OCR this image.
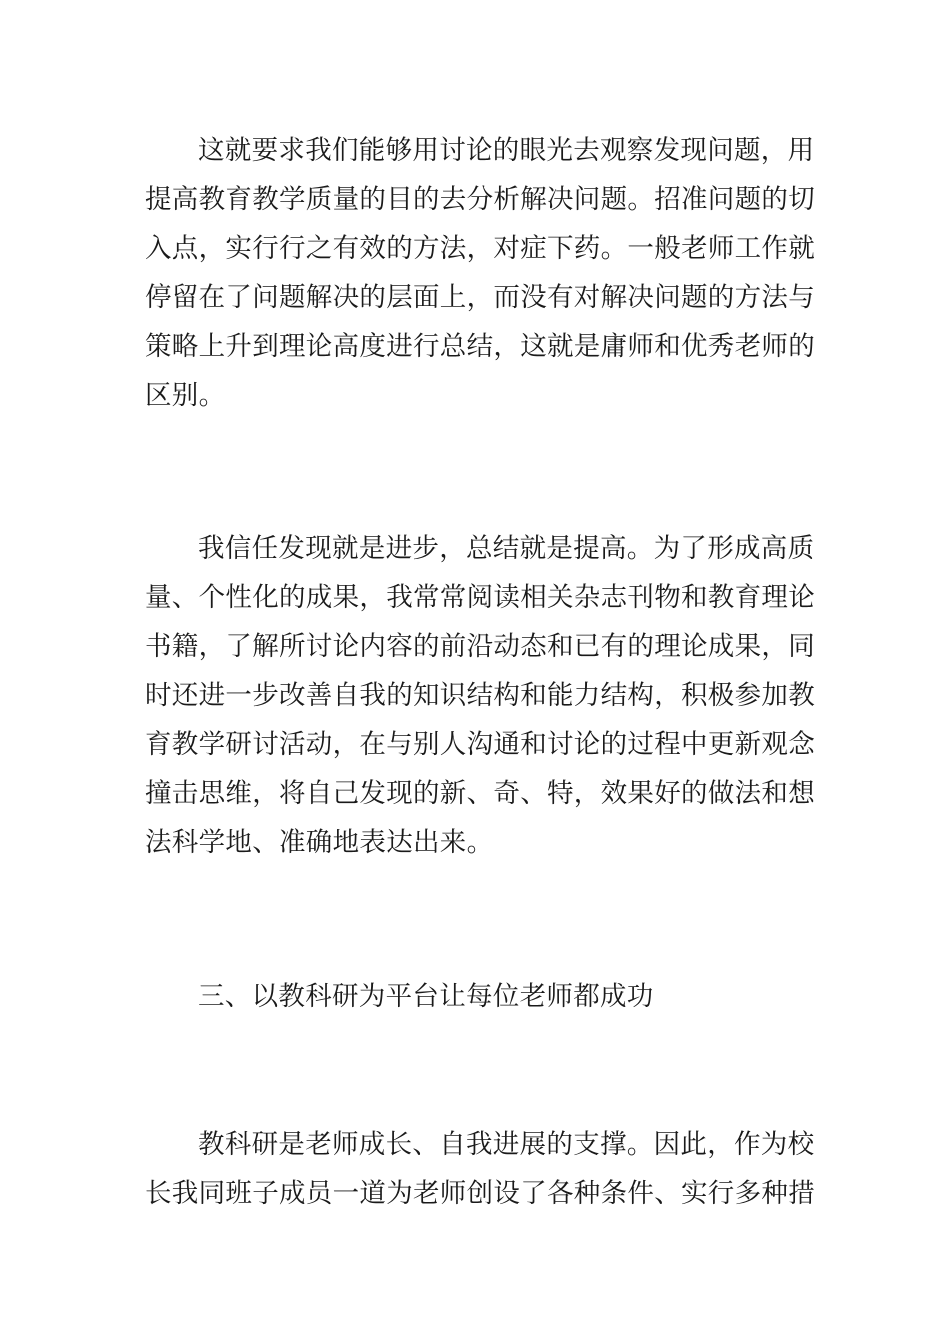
这就要求我们能够用讨论的眼光去观察发现问题，用
提高教育教学质量的目的去分析解决问题。招准问题的切
入点，实行行之有效的方法，对症下药。一般老师工作就
停留在了问题解决的层面上，而没有对解决问题的方法与
策略上升到理论高度进行总结，这就是庸师和优秀老师的
区别。
我信任发现就是进步，总结就是提高。为了形成高质
量、个性化的成果，我常常阅读相关杂志刊物和教育理论
书籍，了解所讨论内容的前沿动态和已有的理论成果，同
时还进一步改善自我的知识结构和能力结构，积极参加教
育教学研讨活动，在与别人沟通和讨论的过程中更新观念
撞击思维，将自己发现的新、奇、特，效果好的做法和想
法科学地、准确地表达出来。
三、以教科研为平台让每位老师都成功
教科研是老师成长、自我进展的支撑。因此，作为校
长我同班子成员一道为老师创设了各种条件、实行多种措
